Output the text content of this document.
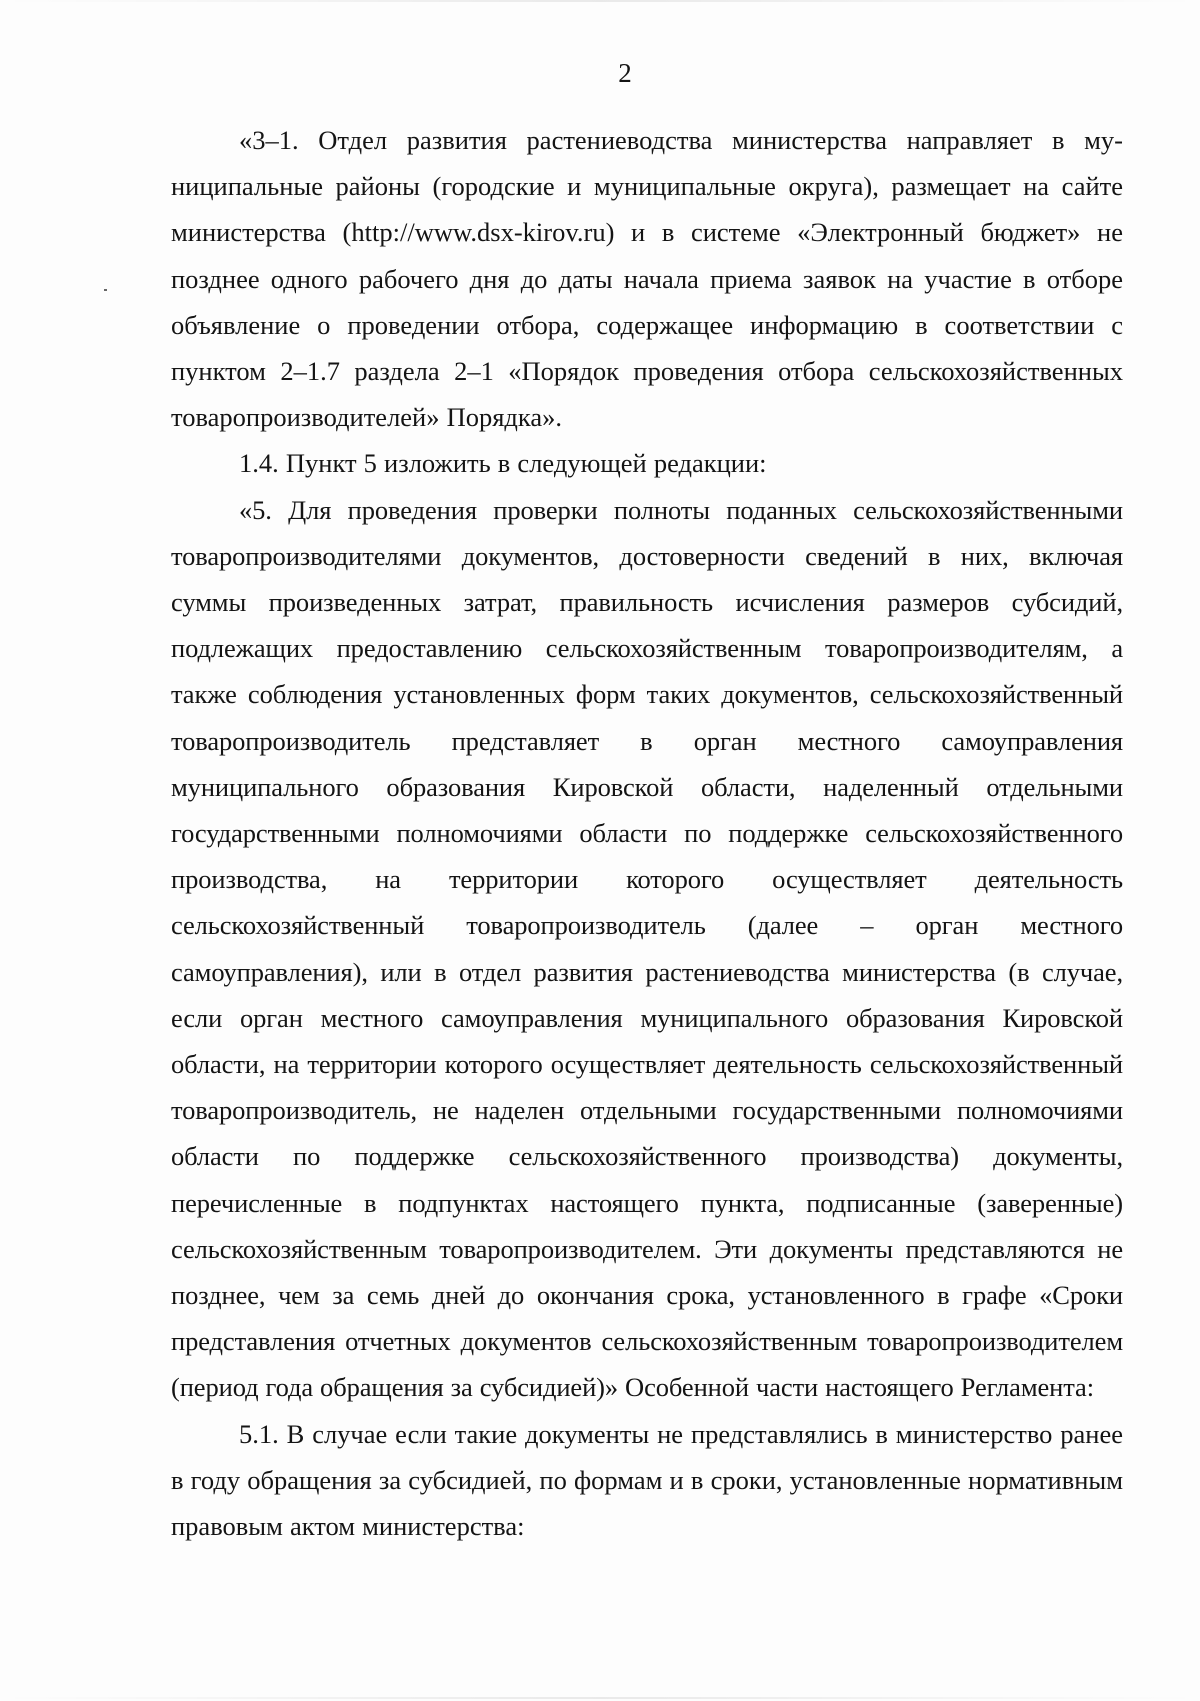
2

«3–1. Отдел развития растениеводства министерства направляет в муниципальные районы (городские и муниципальные округа), размещает на сайте министерства (http://www.dsx-kirov.ru) и в системе «Электронный бюджет» не позднее одного рабочего дня до даты начала приема заявок на участие в отборе объявление о проведении отбора, содержащее информацию в соответствии с пунктом 2–1.7 раздела 2–1 «Порядок проведения отбора сельскохозяйственных товаропроизводителей» Порядка».

1.4. Пункт 5 изложить в следующей редакции:

«5. Для проведения проверки полноты поданных сельскохозяйственными товаропроизводителями документов, достоверности сведений в них, включая суммы произведенных затрат, правильность исчисления размеров субсидий, подлежащих предоставлению сельскохозяйственным товаропроизводителям, а также соблюдения установленных форм таких документов, сельскохозяйственный товаропроизводитель представляет в орган местного самоуправления муниципального образования Кировской области, наделенный отдельными государственными полномочиями области по поддержке сельскохозяйственного производства, на территории которого осуществляет деятельность сельскохозяйственный товаропроизводитель (далее – орган местного самоуправления), или в отдел развития растениеводства министерства (в случае, если орган местного самоуправления муниципального образования Кировской области, на территории которого осуществляет деятельность сельскохозяйственный товаропроизводитель, не наделен отдельными государственными полномочиями области по поддержке сельскохозяйственного производства) документы, перечисленные в подпунктах настоящего пункта, подписанные (заверенные) сельскохозяйственным товаропроизводителем. Эти документы представляются не позднее, чем за семь дней до окончания срока, установленного в графе «Сроки представления отчетных документов сельскохозяйственным товаропроизводителем (период года обращения за субсидией)» Особенной части настоящего Регламента:

5.1. В случае если такие документы не представлялись в министерство ранее в году обращения за субсидией, по формам и в сроки, установленные нормативным правовым актом министерства:
